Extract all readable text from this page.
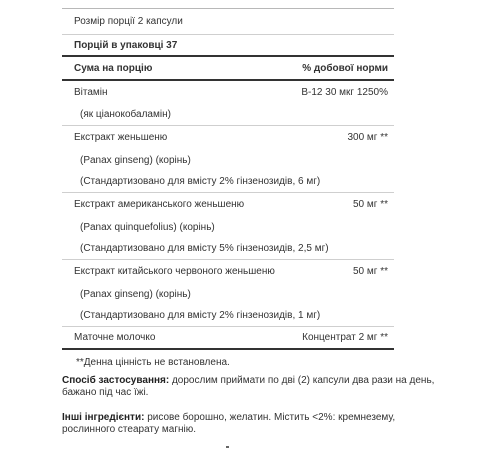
Розмір порції 2 капсули
Порцій в упаковці 37
Сума на порцію	% добової норми
Вітамін	В-12 30 мкг 1250%
(як ціанокобаламін)
Екстракт женьшеню	300 мг **
(Panax ginseng) (корінь)
(Стандартизовано для вмісту 2% гінзенозидів, 6 мг)
Екстракт американського женьшеню	50 мг **
(Panax quinquefolius) (корінь)
(Стандартизовано для вмісту 5% гінзенозидів, 2,5 мг)
Екстракт китайського червоного женьшеню	50 мг **
(Panax ginseng) (корінь)
(Стандартизовано для вмісту 2% гінзенозидів, 1 мг)
Маточне молочко	Концентрат 2 мг **
**Денна цінність не встановлена.
Спосіб застосування: дорослим приймати по дві (2) капсули два рази на день, бажано під час їжі.
Інші інгредієнти: рисове борошно, желатин. Містить <2%: кремнезему, рослинного стеарату магнію.
